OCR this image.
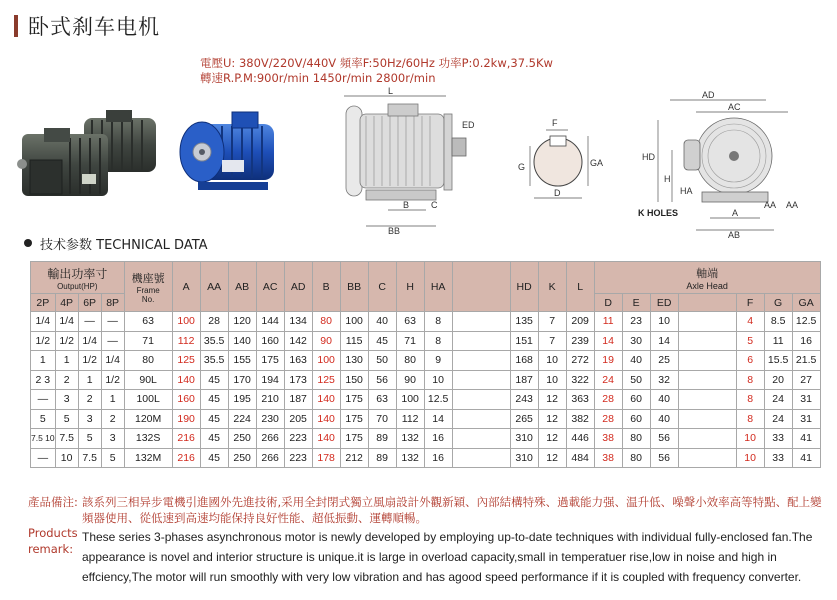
卧式刹车电机
電壓U: 380V/220V/440V 頻率F:50Hz/60Hz 功率P:0.2kw,37.5Kw
轉速R.P.M:900r/min 1450r/min 2800r/min
L
ED
B C
BB
F
G	GA
D
AD
AC
HD
H
HA
K HOLES	A
AA AA
AB
技术参数 TECHNICAL DATA
輸出功率寸
Output(HP)				機座號
Frame
No.	A	AA	AB	AC	AD	B	BB	C	H	HA		HD	K	L	軸端
Axle Head						

2P	4P	6P	8P																D	E	ED		F	G	GA
1/4	1/4	—	—	63	100	28	120	144	134	80	100	40	63	8		135	7	209	11	23	10		4	8.5	12.5
1/2	1/2	1/4	—	71	112	35.5	140	160	142	90	115	45	71	8		151	7	239	14	30	14		5	11	16
1	1	1/2	1/4	80	125	35.5	155	175	163	100	130	50	80	9		168	10	272	19	40	25		6	15.5	21.5
2 3	2	1	1/2	90L	140	45	170	194	173	125	150	56	90	10		187	10	322	24	50	32		8	20	27
—	3	2	1	100L	160	45	195	210	187	140	175	63	100	12.5		243	12	363	28	60	40		8	24	31
5	5	3	2	120M	190	45	224	230	205	140	175	70	112	14		265	12	382	28	60	40		8	24	31
7.5 10	7.5	5	3	132S	216	45	250	266	223	140	175	89	132	16		310	12	446	38	80	56		10	33	41
—	10	7.5	5	132M	216	45	250	266	223	178	212	89	132	16		310	12	484	38	80	56		10	33	41
產品備注: 該系列三相异步電機引進國外先進技術,采用全封閉式獨立風扇設計外觀新穎、內部結構特殊、過載能力强、温升低、噪聲小效率高等特點、配上變頻器使用、從低速到高速均能保持良好性能、超低振動、運轉順暢。
Products remark:
These series 3-phases asynchronous motor is newly developed by employing up-to-date techniques with individual fully-enclosed fan.The appearance is novel and interior structure is unique.it is large in overload capacity,small in temperatuer rise,low in noise and high in effciency,The motor will run smoothly with very low vibration and has agood speed performance if it is coupled with frequency converter.
